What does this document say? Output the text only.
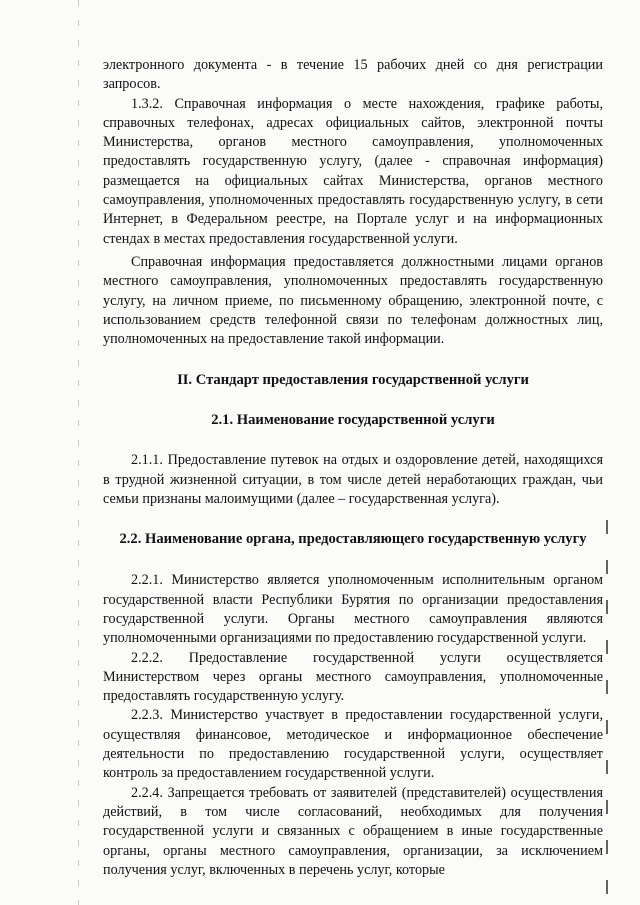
электронного документа - в течение 15 рабочих дней со дня регистрации запросов.

1.3.2. Справочная информация о месте нахождения, графике работы, справочных телефонах, адресах официальных сайтов, электронной почты Министерства, органов местного самоуправления, уполномоченных предоставлять государственную услугу, (далее - справочная информация) размещается на официальных сайтах Министерства, органов местного самоуправления, уполномоченных предоставлять государственную услугу, в сети Интернет, в Федеральном реестре, на Портале услуг и на информационных стендах в местах предоставления государственной услуги.

Справочная информация предоставляется должностными лицами органов местного самоуправления, уполномоченных предоставлять государственную услугу, на личном приеме, по письменному обращению, электронной почте, с использованием средств телефонной связи по телефонам должностных лиц, уполномоченных на предоставление такой информации.

II. Стандарт предоставления государственной услуги
2.1. Наименование государственной услуги

2.1.1. Предоставление путевок на отдых и оздоровление детей, находящихся в трудной жизненной ситуации, в том числе детей неработающих граждан, чьи семьи признаны малоимущими (далее – государственная услуга).

2.2. Наименование органа, предоставляющего государственную услугу

2.2.1. Министерство является уполномоченным исполнительным органом государственной власти Республики Бурятия по организации предоставления государственной услуги. Органы местного самоуправления являются уполномоченными организациями по предоставлению государственной услуги.

2.2.2. Предоставление государственной услуги осуществляется Министерством через органы местного самоуправления, уполномоченные предоставлять государственную услугу.

2.2.3. Министерство участвует в предоставлении государственной услуги, осуществляя финансовое, методическое и информационное обеспечение деятельности по предоставлению государственной услуги, осуществляет контроль за предоставлением государственной услуги.

2.2.4. Запрещается требовать от заявителей (представителей) осуществления действий, в том числе согласований, необходимых для получения государственной услуги и связанных с обращением в иные государственные органы, органы местного самоуправления, организации, за исключением получения услуг, включенных в перечень услуг, которые
